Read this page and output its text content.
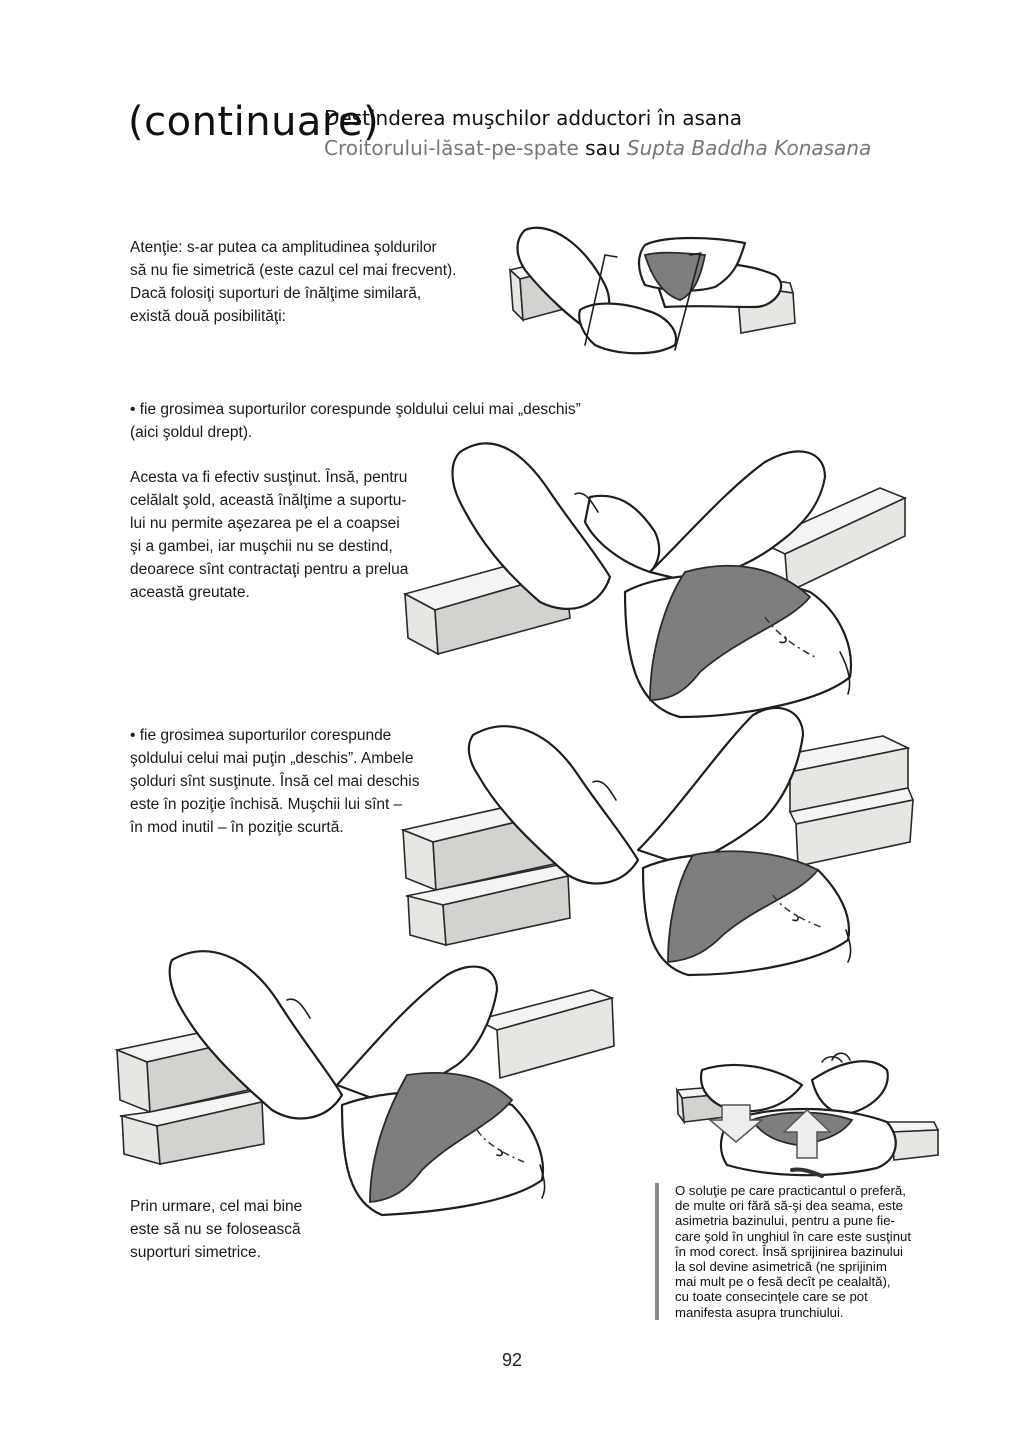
(continuare)
Destinderea muşchilor adductori în asana
Croitorului-lăsat-pe-spate sau Supta Baddha Konasana
Atenţie: s-ar putea ca amplitudinea şoldurilor
să nu fie simetrică (este cazul cel mai frecvent).
Dacă folosiţi suporturi de înălţime similară,
există două posibilităţi:
• fie grosimea suporturilor corespunde şoldului celui mai „deschis”
(aici şoldul drept).
Acesta va fi efectiv susţinut. Însă, pentru
celălalt şold, această înălţime a suportu-
lui nu permite aşezarea pe el a coapsei
şi a gambei, iar muşchii nu se destind,
deoarece sînt contractaţi pentru a prelua
această greutate.
• fie grosimea suporturilor corespunde
şoldului celui mai puţin „deschis”. Ambele
şolduri sînt susţinute. Însă cel mai deschis
este în poziţie închisă. Muşchii lui sînt –
în mod inutil – în poziţie scurtă.
Prin urmare, cel mai bine
este să nu se folosească
suporturi simetrice.
O soluţie pe care practicantul o preferă,
de multe ori fără să-şi dea seama, este
asimetria bazinului, pentru a pune fie-
care şold în unghiul în care este susţinut
în mod corect. Însă sprijinirea bazinului
la sol devine asimetrică (ne sprijinim
mai mult pe o fesă decît pe cealaltă),
cu toate consecinţele care se pot
manifesta asupra trunchiului.
92
